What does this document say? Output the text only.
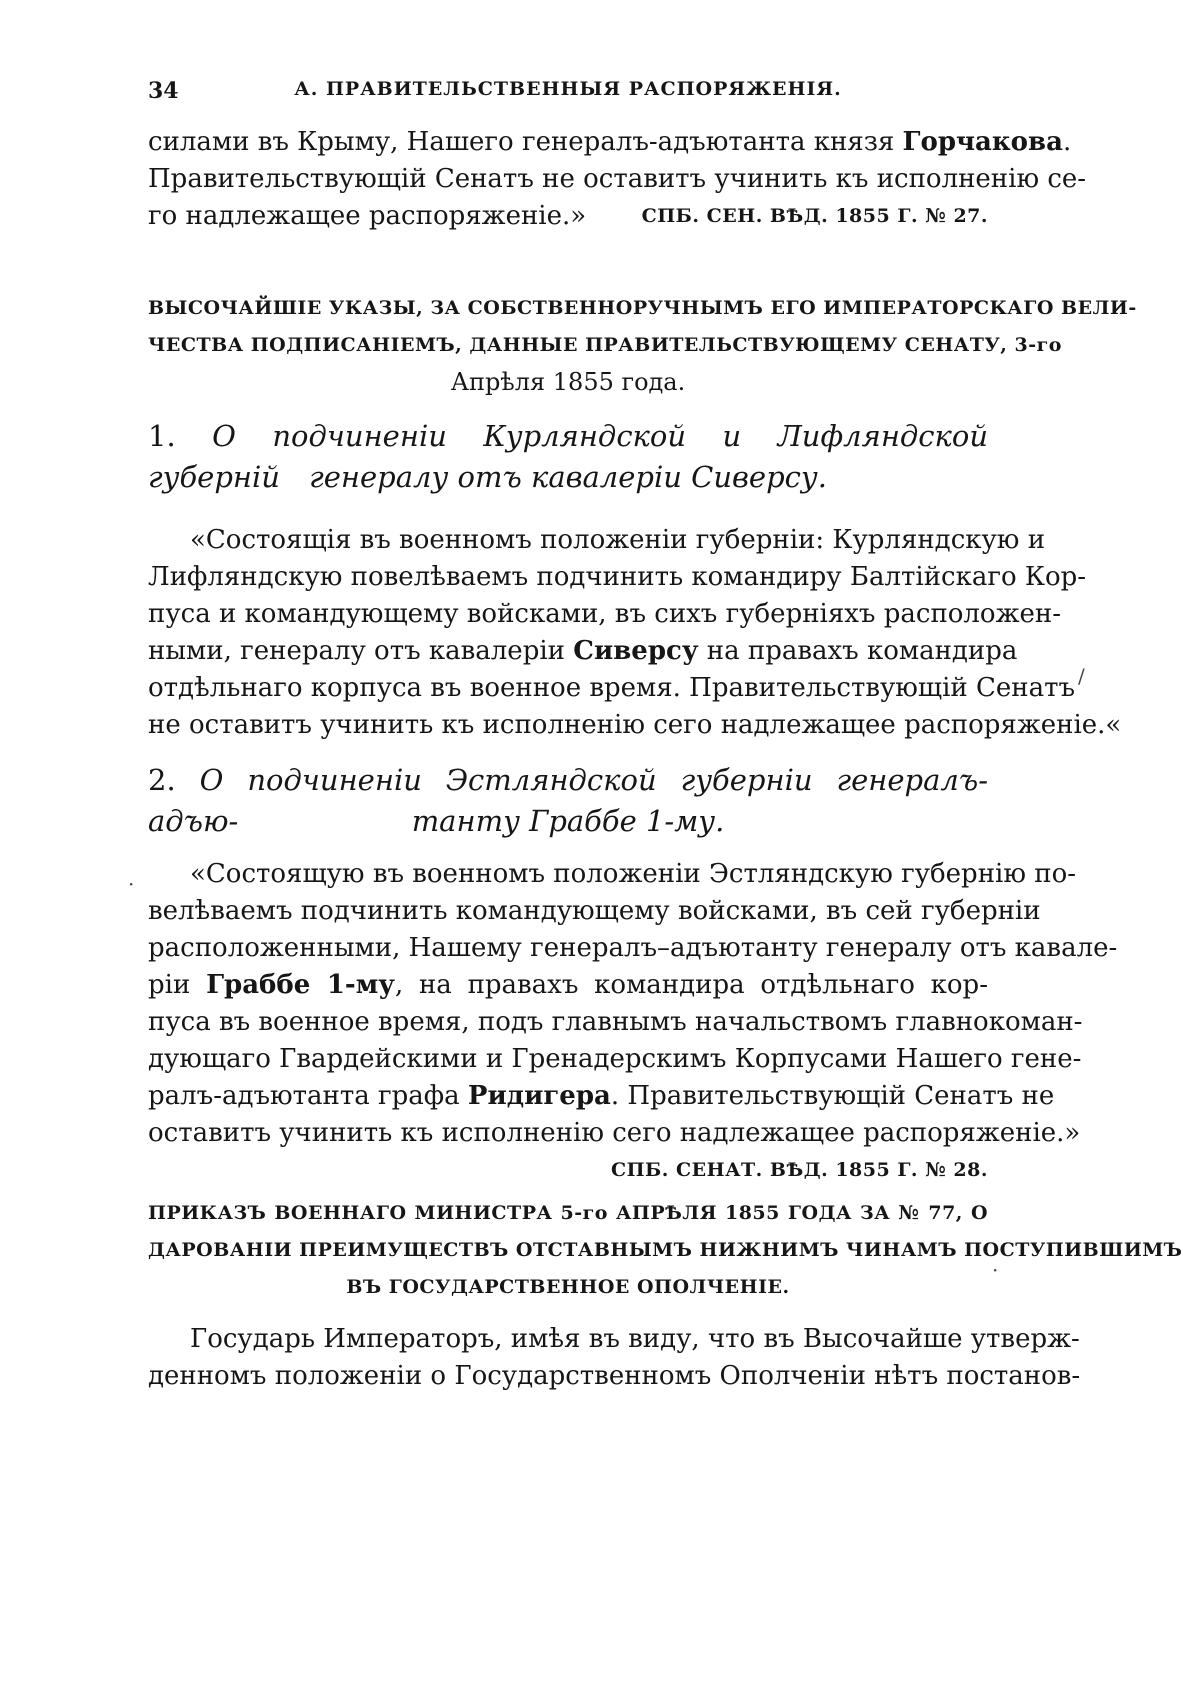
34	А. ПРАВИТЕЛЬСТВЕННЫЯ РАСПОРЯЖЕНІЯ.
силами въ Крыму, Нашего генералъ-адъютанта князя Горчакова.
Правительствующій Сенатъ не оставитъ учинить къ исполненію се-
го надлежащее распоряженіе.»	СПБ. СЕН. ВѢД. 1855 Г. № 27.
ВЫСОЧАЙШІЕ УКАЗЫ, ЗА СОБСТВЕННОРУЧНЫМЪ ЕГО ИМПЕРАТОРСКАГО ВЕЛИ-
ЧЕСТВА ПОДПИСАНІЕМЪ, ДАННЫЕ ПРАВИТЕЛЬСТВУЮЩЕМУ СЕНАТУ, 3-го
Апрѣля 1855 года.
1. О подчиненіи Курляндской и Лифляндской губерній	генералу отъ кавалеріи Сиверсу.
«Состоящія въ военномъ положеніи губерніи: Курляндскую и
Лифляндскую повелѣваемъ подчинить командиру Балтійскаго Кор-
пуса и командующему войсками, въ сихъ губерніяхъ расположен-
ными, генералу отъ кавалеріи Сиверсу на правахъ командира
отдѣльнаго корпуса въ военное время. Правительствующій Сенатъ
не оставитъ учинить къ исполненію сего надлежащее распоряженіе.«
2. О подчиненіи Эстляндской губерніи генералъ-адъю-	танту Граббе 1-му.
«Состоящую въ военномъ положеніи Эстляндскую губернію по-
велѣваемъ подчинить командующему войсками, въ сей губерніи
расположенными, Нашему генералъ–адъютанту генералу отъ кавале-
ріи Граббе 1-му, на правахъ командира отдѣльнаго кор-
пуса въ военное время, подъ главнымъ начальствомъ главнокоман-
дующаго Гвардейскими и Гренадерскимъ Корпусами Нашего гене-
ралъ-адъютанта графа Ридигера. Правительствующій Сенатъ не
оставитъ учинить къ исполненію сего надлежащее распоряженіе.»
СПБ. СЕНАТ. ВѢД. 1855 Г. № 28.
ПРИКАЗЪ ВОЕННАГО МИНИСТРА 5-го АПРѢЛЯ 1855 ГОДА ЗА № 77, О
ДАРОВАНІИ ПРЕИМУЩЕСТВЪ ОТСТАВНЫМЪ НИЖНИМЪ ЧИНАМЪ ПОСТУПИВШИМЪ
ВЪ ГОСУДАРСТВЕННОЕ ОПОЛЧЕНІЕ.
Государь Императоръ, имѣя въ виду, что въ Высочайше утверж-
денномъ положеніи о Государственномъ Ополченіи нѣтъ постанов-
/
·
·
